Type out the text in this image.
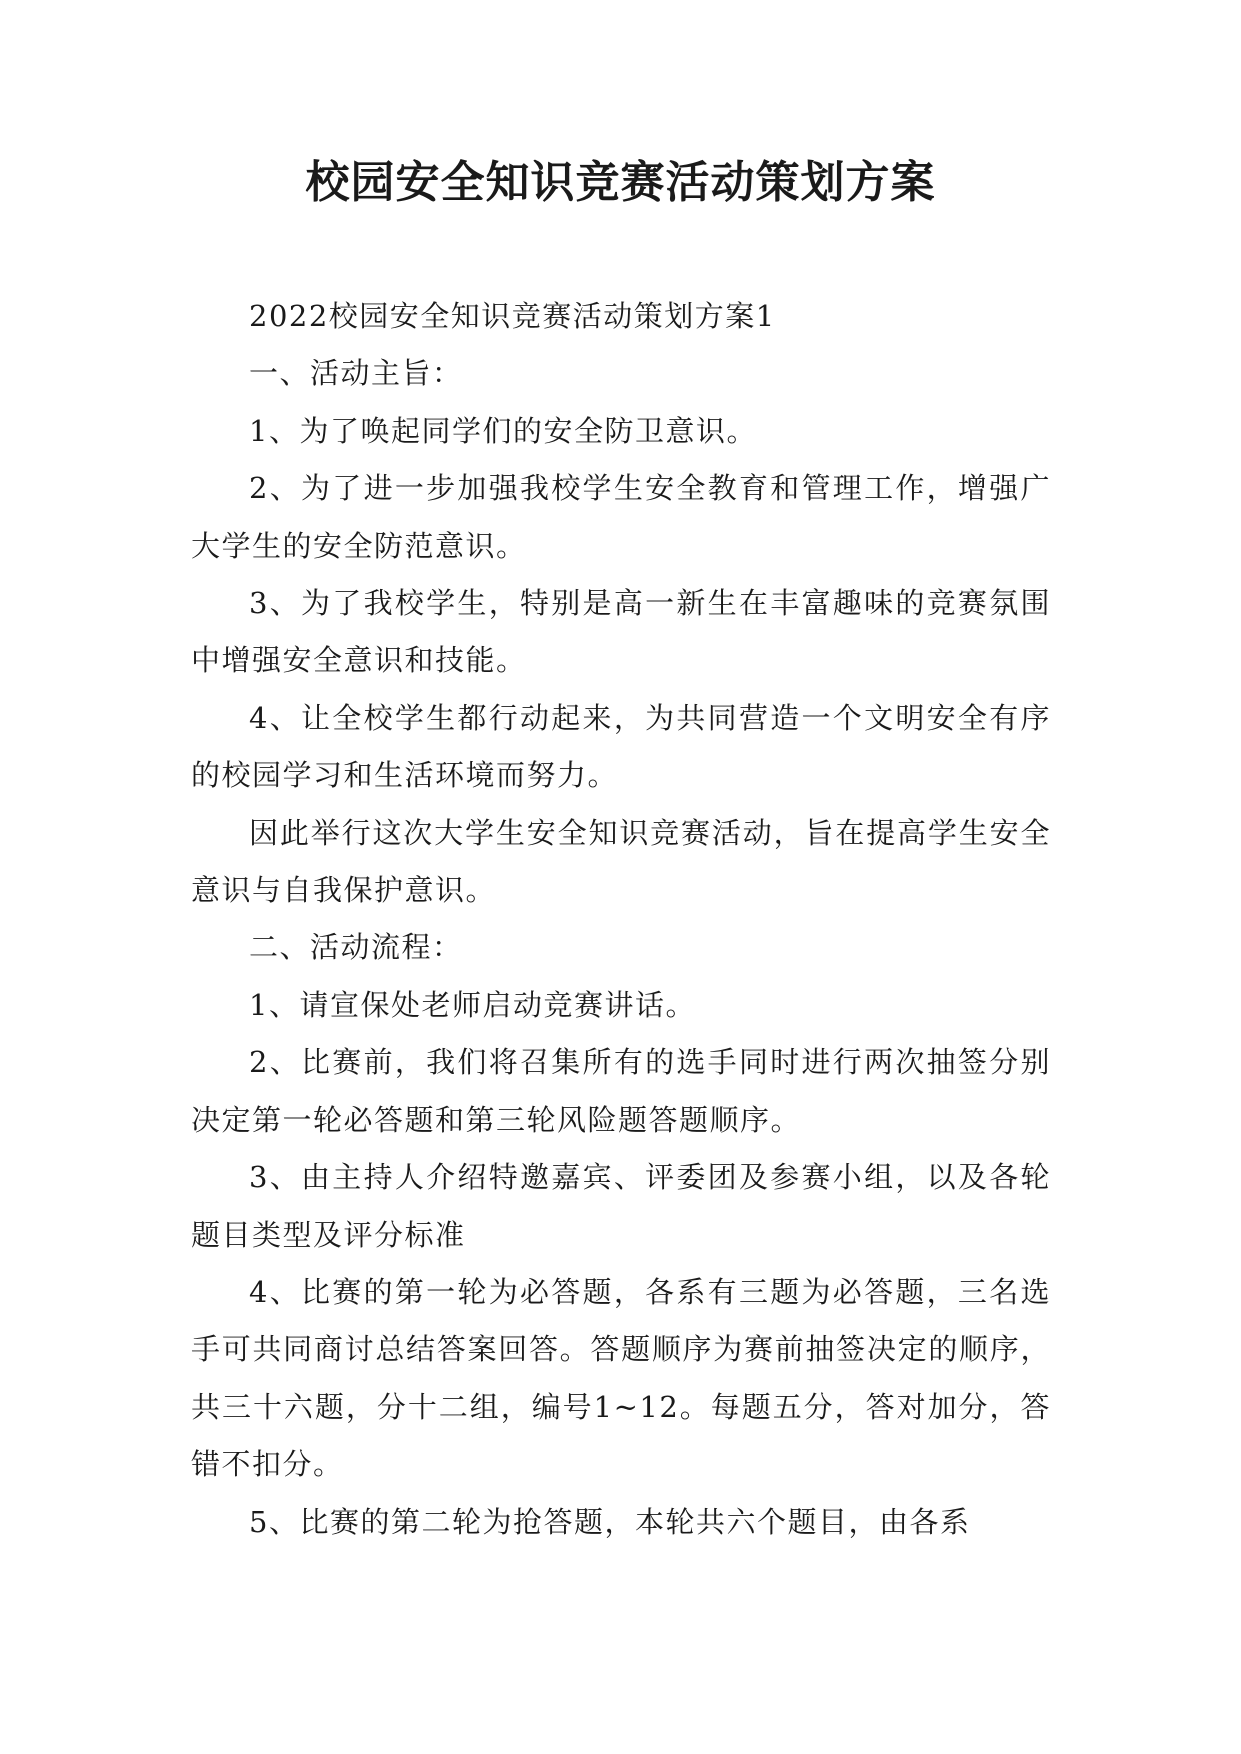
校园安全知识竞赛活动策划方案

2022校园安全知识竞赛活动策划方案1

一、活动主旨：

1、为了唤起同学们的安全防卫意识。

2、为了进一步加强我校学生安全教育和管理工作，增强广大学生的安全防范意识。

3、为了我校学生，特别是高一新生在丰富趣味的竞赛氛围中增强安全意识和技能。

4、让全校学生都行动起来，为共同营造一个文明安全有序的校园学习和生活环境而努力。

因此举行这次大学生安全知识竞赛活动，旨在提高学生安全意识与自我保护意识。

二、活动流程：

1、请宣保处老师启动竞赛讲话。

2、比赛前，我们将召集所有的选手同时进行两次抽签分别决定第一轮必答题和第三轮风险题答题顺序。

3、由主持人介绍特邀嘉宾、评委团及参赛小组，以及各轮题目类型及评分标准

4、比赛的第一轮为必答题，各系有三题为必答题，三名选手可共同商讨总结答案回答。答题顺序为赛前抽签决定的顺序，共三十六题，分十二组，编号1~12。每题五分，答对加分，答错不扣分。

5、比赛的第二轮为抢答题，本轮共六个题目，由各系
